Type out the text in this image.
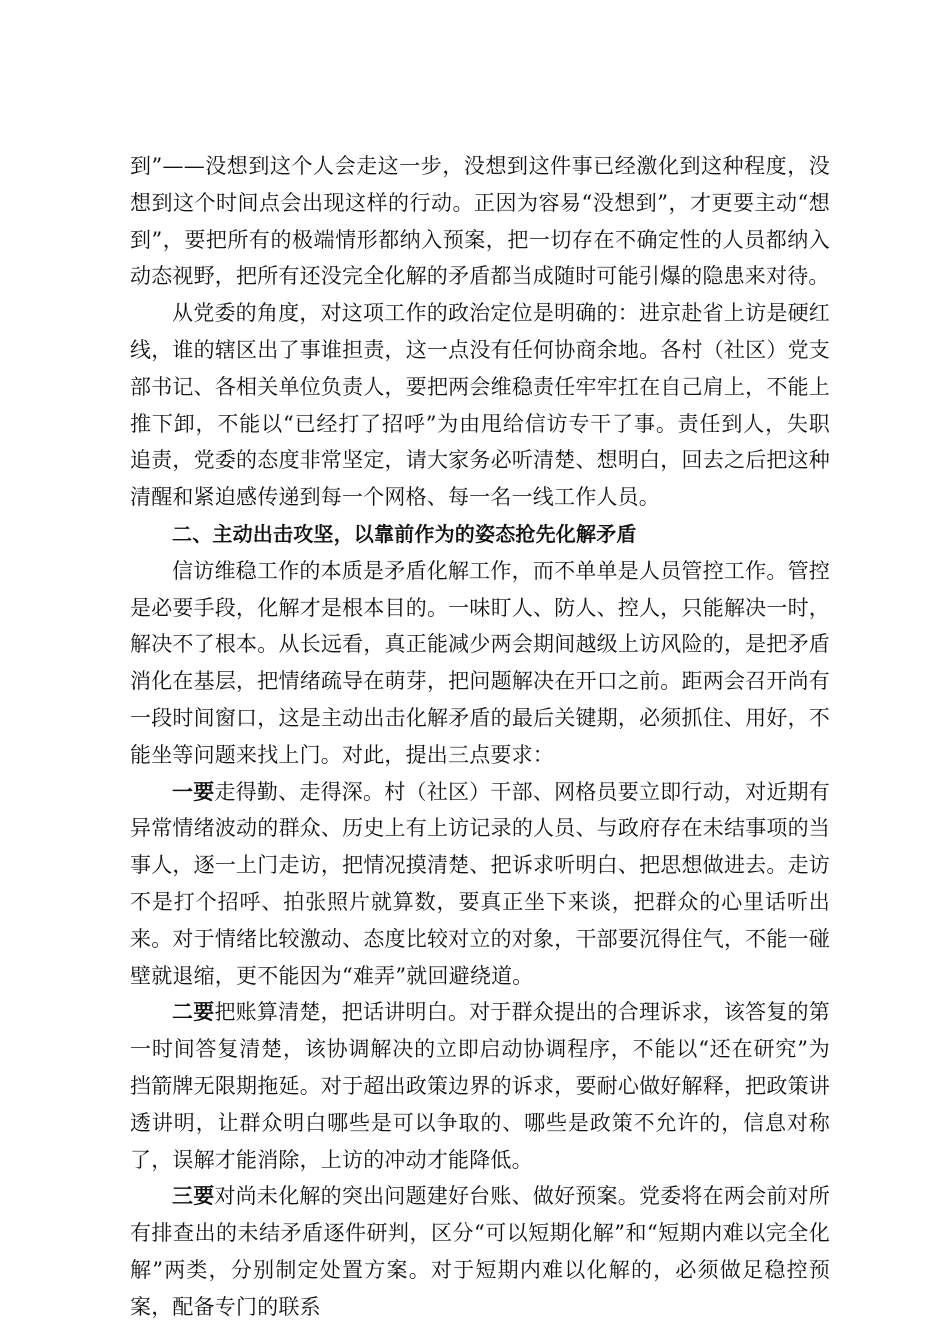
到”——没想到这个人会走这一步，没想到这件事已经激化到这种程度，没想到这个时间点会出现这样的行动。正因为容易“没想到”，才更要主动“想到”，要把所有的极端情形都纳入预案，把一切存在不确定性的人员都纳入动态视野，把所有还没完全化解的矛盾都当成随时可能引爆的隐患来对待。

从党委的角度，对这项工作的政治定位是明确的：进京赴省上访是硬红线，谁的辖区出了事谁担责，这一点没有任何协商余地。各村（社区）党支部书记、各相关单位负责人，要把两会维稳责任牢牢扛在自己肩上，不能上推下卸，不能以“已经打了招呼”为由甩给信访专干了事。责任到人，失职追责，党委的态度非常坚定，请大家务必听清楚、想明白，回去之后把这种清醒和紧迫感传递到每一个网格、每一名一线工作人员。

二、主动出击攻坚，以靠前作为的姿态抢先化解矛盾

信访维稳工作的本质是矛盾化解工作，而不单单是人员管控工作。管控是必要手段，化解才是根本目的。一味盯人、防人、控人，只能解决一时，解决不了根本。从长远看，真正能减少两会期间越级上访风险的，是把矛盾消化在基层，把情绪疏导在萌芽，把问题解决在开口之前。距两会召开尚有一段时间窗口，这是主动出击化解矛盾的最后关键期，必须抓住、用好，不能坐等问题来找上门。对此，提出三点要求：

一要走得勤、走得深。村（社区）干部、网格员要立即行动，对近期有异常情绪波动的群众、历史上有上访记录的人员、与政府存在未结事项的当事人，逐一上门走访，把情况摸清楚、把诉求听明白、把思想做进去。走访不是打个招呼、拍张照片就算数，要真正坐下来谈，把群众的心里话听出来。对于情绪比较激动、态度比较对立的对象，干部要沉得住气，不能一碰壁就退缩，更不能因为“难弄”就回避绕道。

二要把账算清楚，把话讲明白。对于群众提出的合理诉求，该答复的第一时间答复清楚，该协调解决的立即启动协调程序，不能以“还在研究”为挡箭牌无限期拖延。对于超出政策边界的诉求，要耐心做好解释，把政策讲透讲明，让群众明白哪些是可以争取的、哪些是政策不允许的，信息对称了，误解才能消除，上访的冲动才能降低。

三要对尚未化解的突出问题建好台账、做好预案。党委将在两会前对所有排查出的未结矛盾逐件研判，区分“可以短期化解”和“短期内难以完全化解”两类，分别制定处置方案。对于短期内难以化解的，必须做足稳控预案，配备专门的联系
